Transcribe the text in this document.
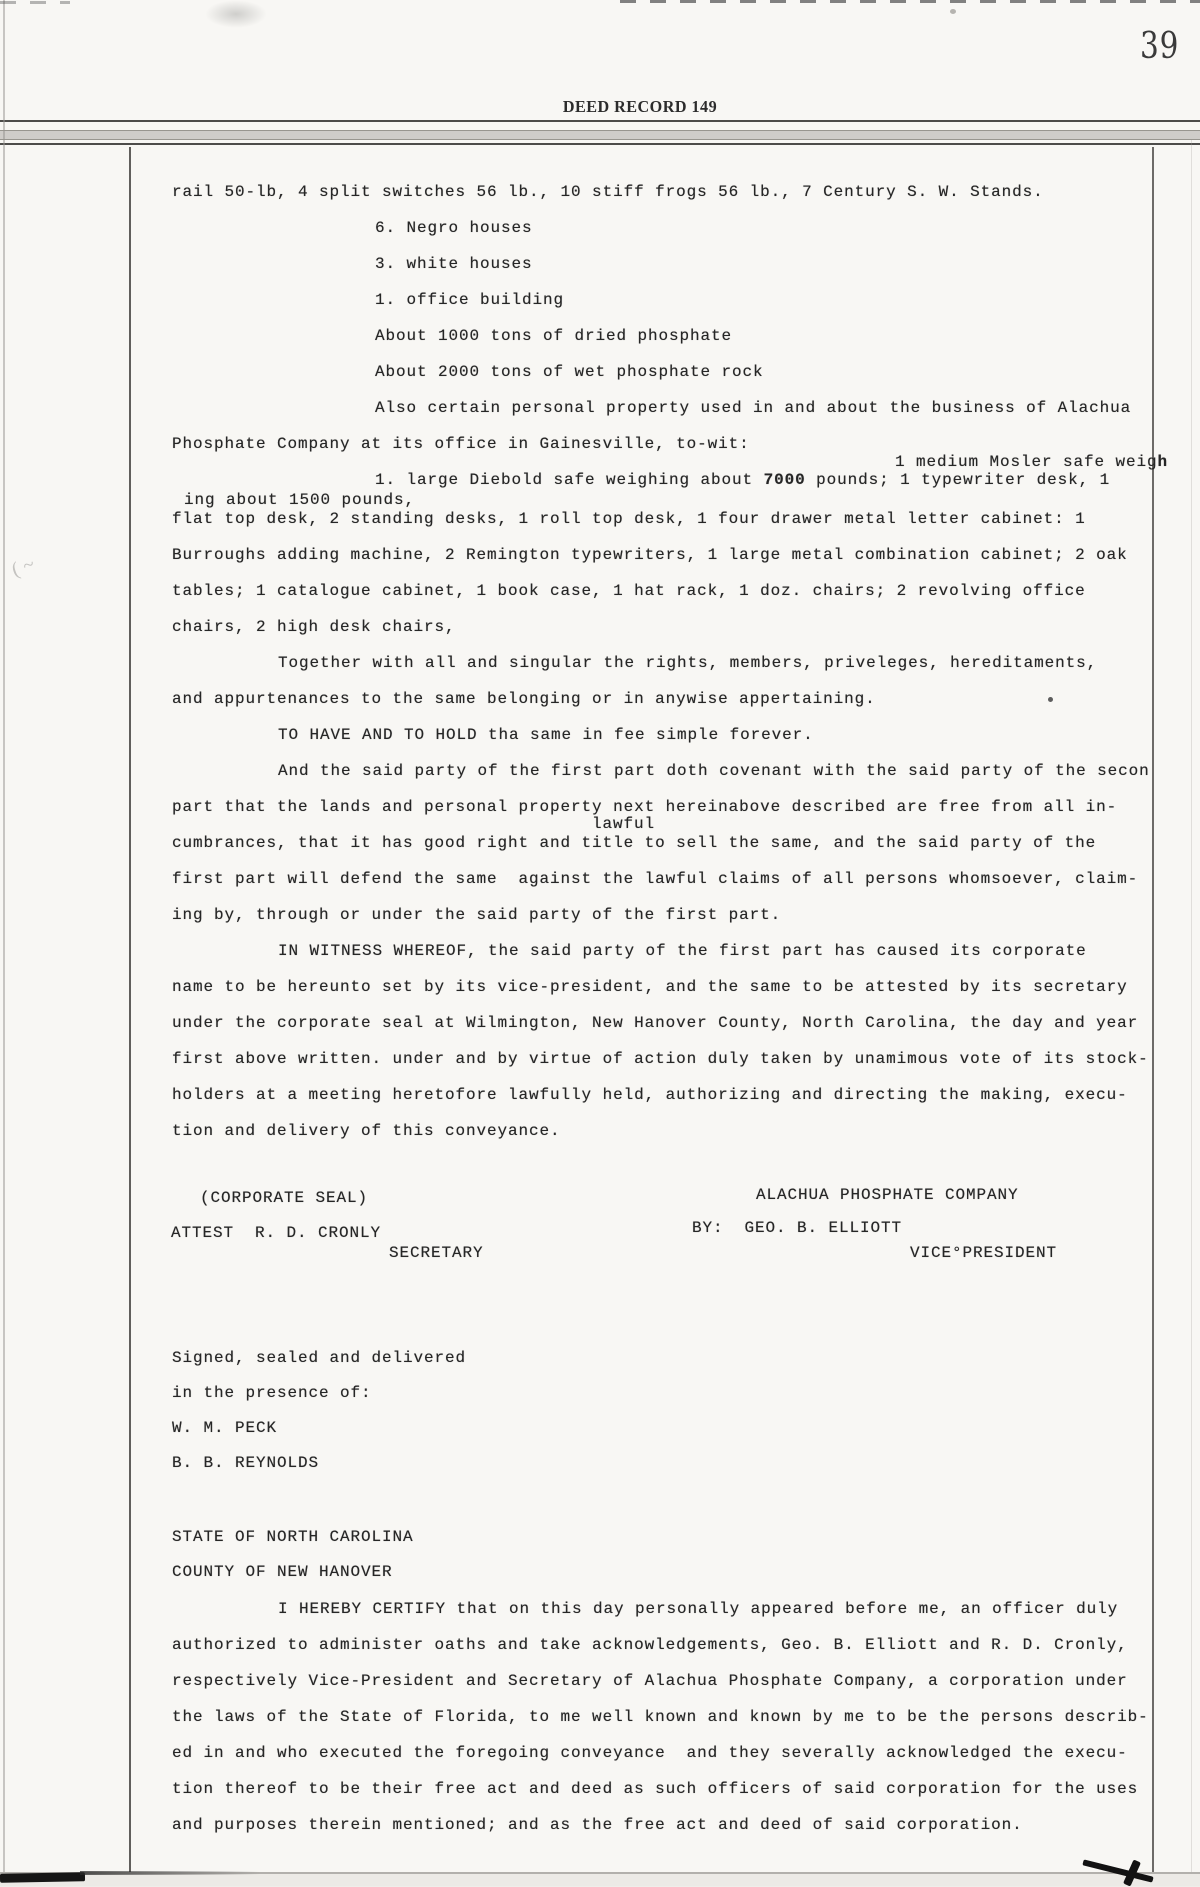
39
DEED RECORD 149
( ~
rail 50-lb, 4 split switches 56 lb., 10 stiff frogs 56 lb., 7 Century S. W. Stands.
6. Negro houses
3. white houses
1. office building
About 1000 tons of dried phosphate
About 2000 tons of wet phosphate rock
Also certain personal property used in and about the business of Alachua
Phosphate Company at its office in Gainesville, to-wit:
1 medium Mosler safe weigh
1. large Diebold safe weighing about 7000 pounds; 1 typewriter desk, 1
ing about 1500 pounds,
flat top desk, 2 standing desks, 1 roll top desk, 1 four drawer metal letter cabinet: 1
Burroughs adding machine, 2 Remington typewriters, 1 large metal combination cabinet; 2 oak
tables; 1 catalogue cabinet, 1 book case, 1 hat rack, 1 doz. chairs; 2 revolving office
chairs, 2 high desk chairs,
Together with all and singular the rights, members, priveleges, hereditaments,
and appurtenances to the same belonging or in anywise appertaining.
TO HAVE AND TO HOLD tha same in fee simple forever.
And the said party of the first part doth covenant with the said party of the secon
part that the lands and personal property next hereinabove described are free from all in-
lawful
cumbrances, that it has good right and title to sell the same, and the said party of the
first part will defend the same  against the lawful claims of all persons whomsoever, claim-
ing by, through or under the said party of the first part.
IN WITNESS WHEREOF, the said party of the first part has caused its corporate
name to be hereunto set by its vice-president, and the same to be attested by its secretary
under the corporate seal at Wilmington, New Hanover County, North Carolina, the day and year
first above written. under and by virtue of action duly taken by unamimous vote of its stock-
holders at a meeting heretofore lawfully held, authorizing and directing the making, execu-
tion and delivery of this conveyance.
(CORPORATE SEAL)	ALACHUA PHOSPHATE COMPANY
ATTEST  R. D. CRONLY	BY:  GEO. B. ELLIOTT
SECRETARY	VICE°PRESIDENT
Signed, sealed and delivered
in the presence of:
W. M. PECK
B. B. REYNOLDS
STATE OF NORTH CAROLINA
COUNTY OF NEW HANOVER
I HEREBY CERTIFY that on this day personally appeared before me, an officer duly
authorized to administer oaths and take acknowledgements, Geo. B. Elliott and R. D. Cronly,
respectively Vice-President and Secretary of Alachua Phosphate Company, a corporation under
the laws of the State of Florida, to me well known and known by me to be the persons describ-
ed in and who executed the foregoing conveyance  and they severally acknowledged the execu-
tion thereof to be their free act and deed as such officers of said corporation for the uses
and purposes therein mentioned; and as the free act and deed of said corporation.
